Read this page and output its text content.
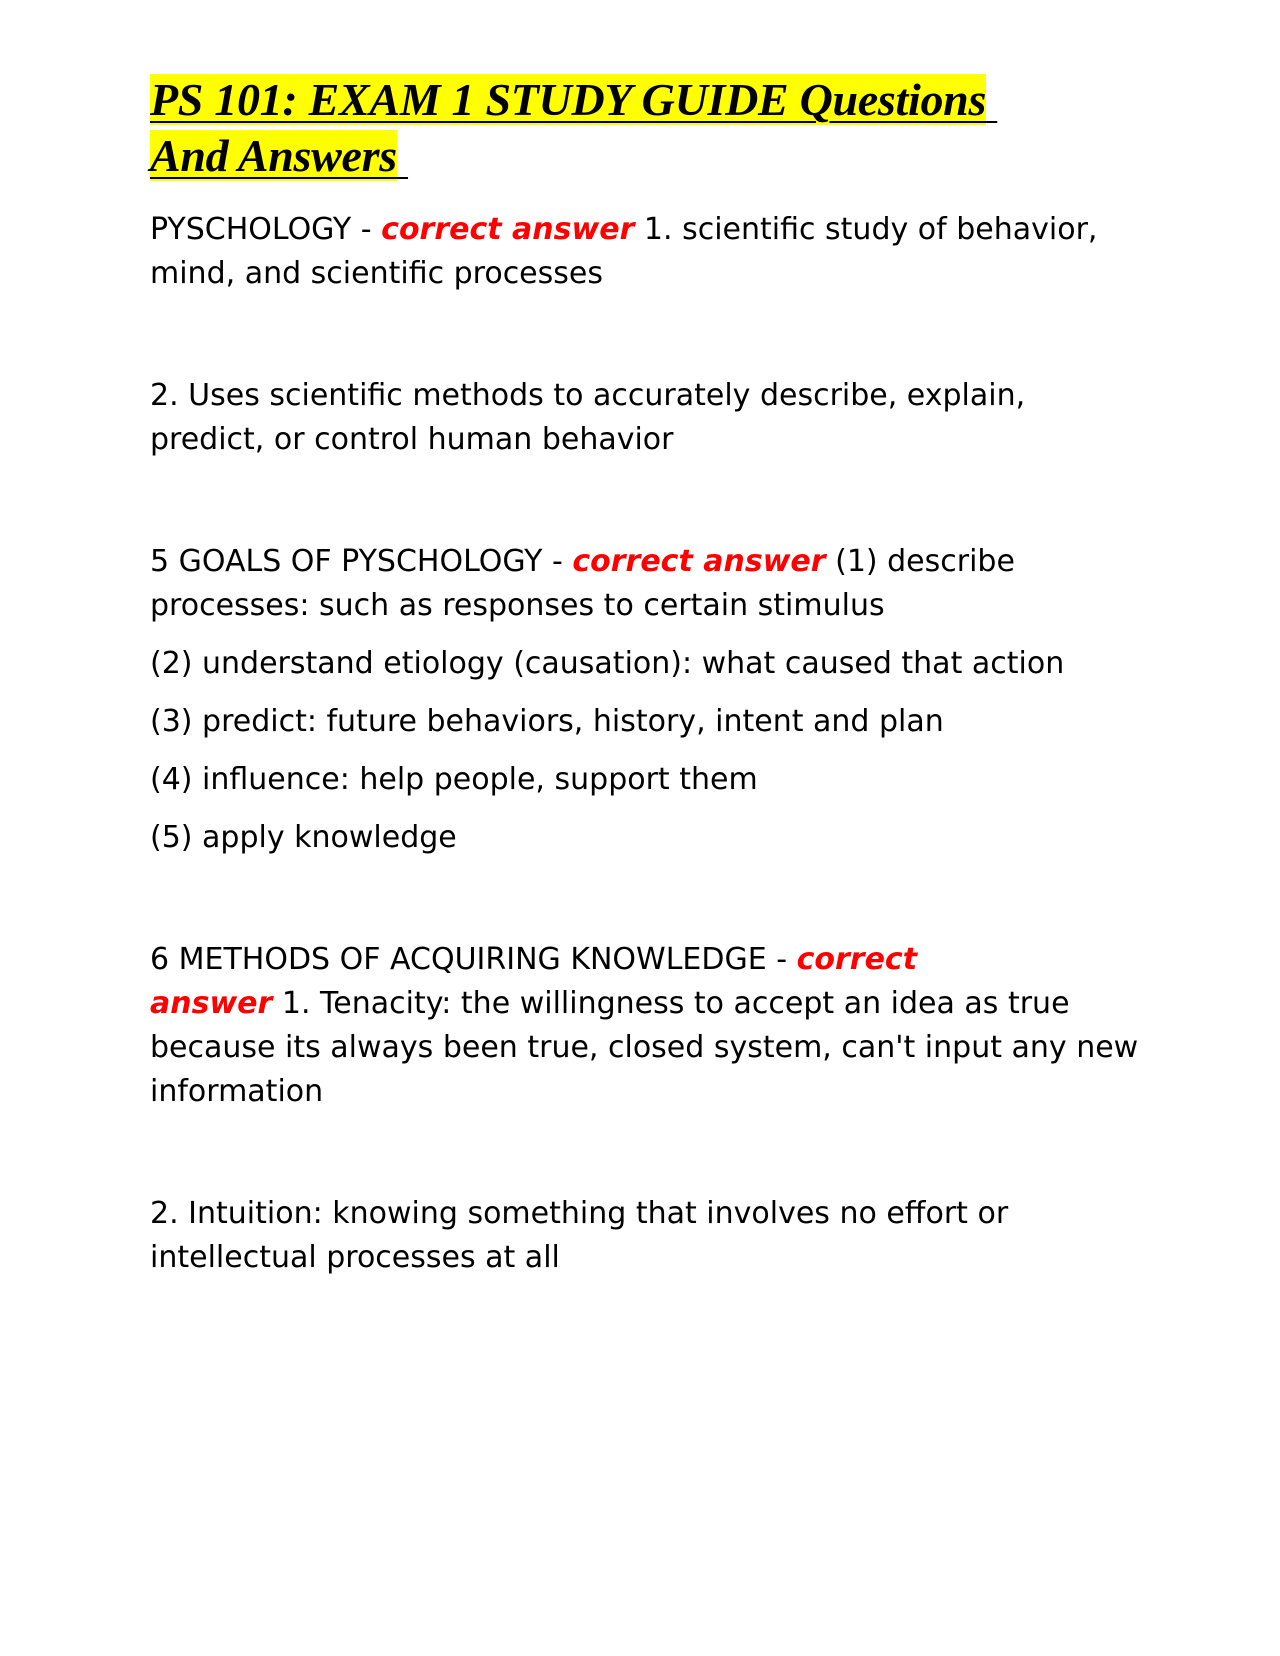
PS 101: EXAM 1 STUDY GUIDE Questions
And Answers

PYSCHOLOGY - correct answer 1. scientific study of behavior, mind, and scientific processes

2. Uses scientific methods to accurately describe, explain, predict, or control human behavior

5 GOALS OF PYSCHOLOGY - correct answer (1) describe processes: such as responses to certain stimulus

(2) understand etiology (causation): what caused that action

(3) predict: future behaviors, history, intent and plan

(4) influence: help people, support them

(5) apply knowledge

6 METHODS OF ACQUIRING KNOWLEDGE - correct
answer 1. Tenacity: the willingness to accept an idea as true because its always been true, closed system, can't input any new information

2. Intuition: knowing something that involves no effort or intellectual processes at all
